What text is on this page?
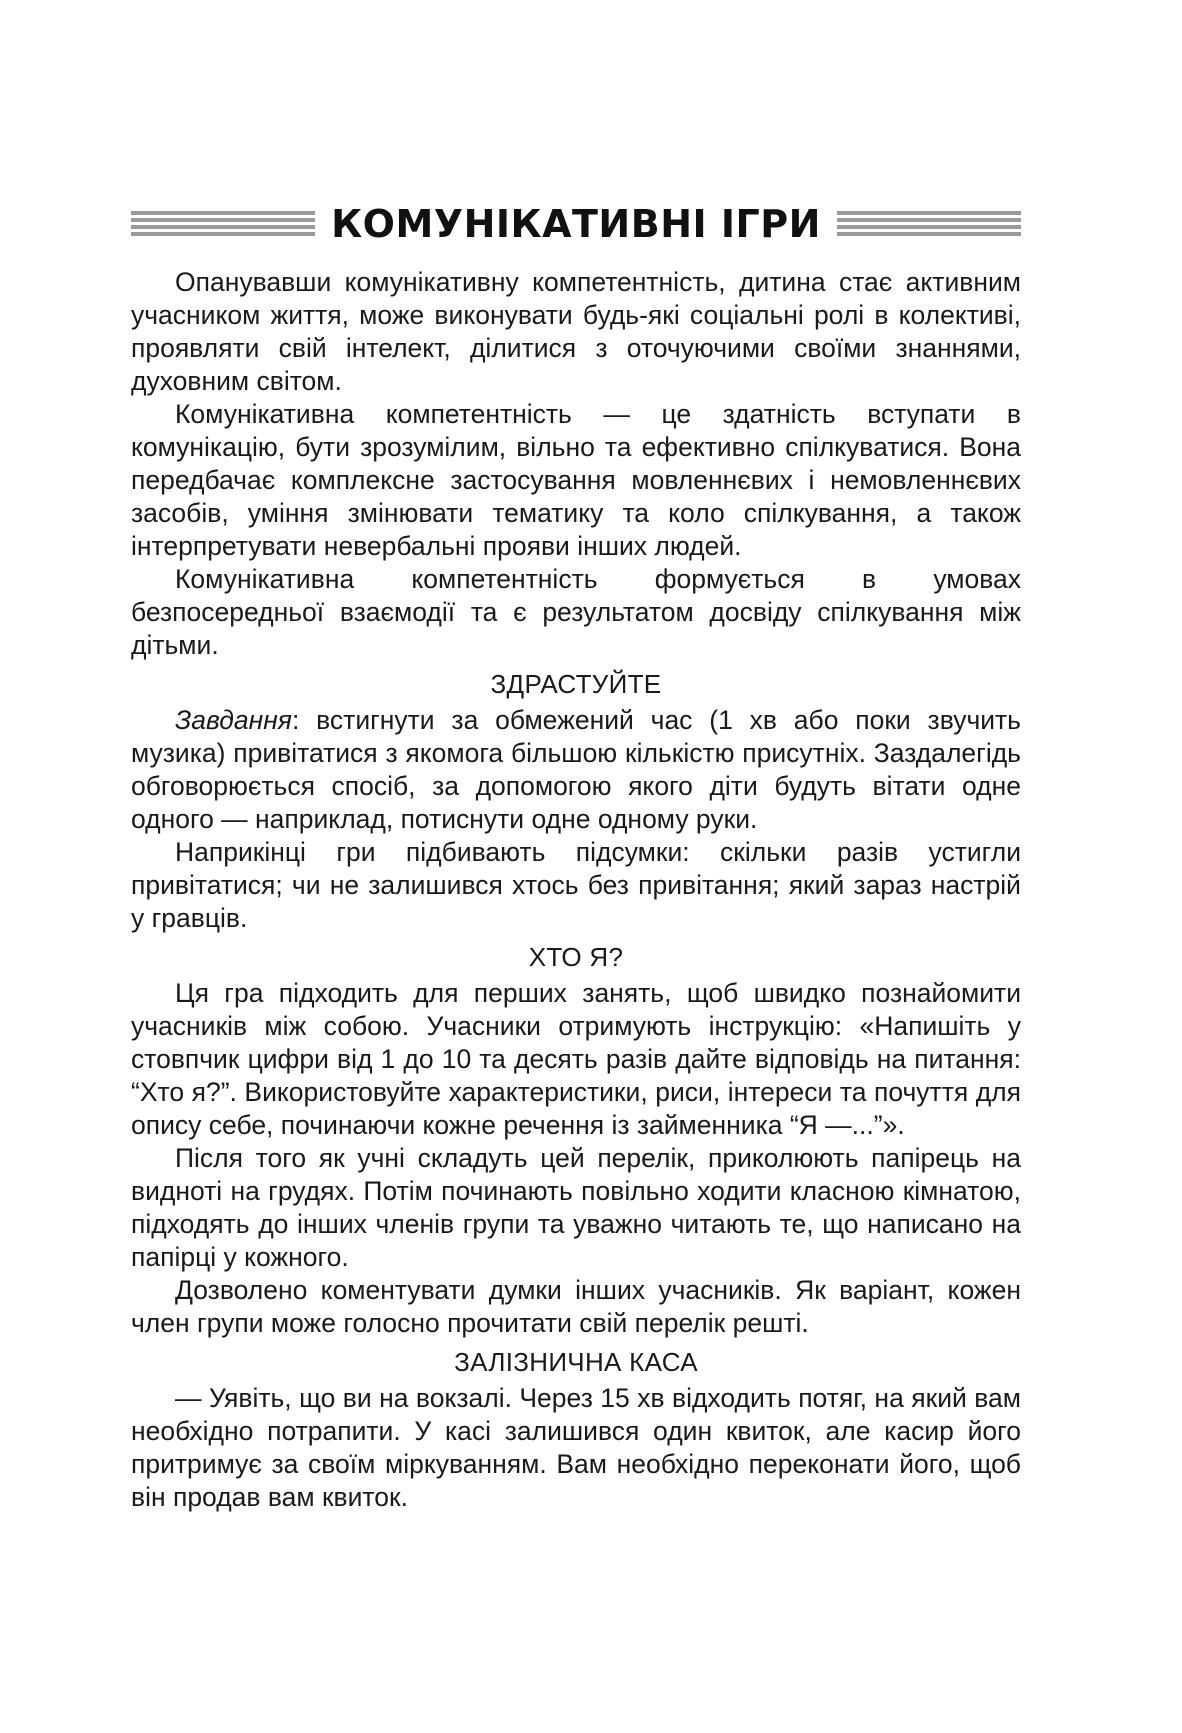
КОМУНІКАТИВНІ ІГРИ

Опанувавши комунікативну компетентність, дитина стає активним учасником життя, може виконувати будь-які соціальні ролі в колективі, проявляти свій інтелект, ділитися з оточуючими своїми знаннями, духовним світом.

Комунікативна компетентність — це здатність вступати в комунікацію, бути зрозумілим, вільно та ефективно спілкуватися. Вона передбачає комплексне застосування мовленнєвих і немовленнєвих засобів, уміння змінювати тематику та коло спілкування, а також інтерпретувати невербальні прояви інших людей.

Комунікативна компетентність формується в умовах безпосередньої взаємодії та є результатом досвіду спілкування між дітьми.

ЗДРАСТУЙТЕ

Завдання: встигнути за обмежений час (1 хв або поки звучить музика) привітатися з якомога більшою кількістю присутніх. Заздалегідь обговорюється спосіб, за допомогою якого діти будуть вітати одне одного — наприклад, потиснути одне одному руки.

Наприкінці гри підбивають підсумки: скільки разів устигли привітатися; чи не залишився хтось без привітання; який зараз настрій у гравців.

ХТО Я?

Ця гра підходить для перших занять, щоб швидко познайомити учасників між собою. Учасники отримують інструкцію: «Напишіть у стовпчик цифри від 1 до 10 та десять разів дайте відповідь на питання: “Хто я?”. Використовуйте характеристики, риси, інтереси та почуття для опису себе, починаючи кожне речення із займенника “Я —...”».

Після того як учні складуть цей перелік, приколюють папірець на видноті на грудях. Потім починають повільно ходити класною кімнатою, підходять до інших членів групи та уважно читають те, що написано на папірці у кожного.

Дозволено коментувати думки інших учасників. Як варіант, кожен член групи може голосно прочитати свій перелік решті.

ЗАЛІЗНИЧНА КАСА

— Уявіть, що ви на вокзалі. Через 15 хв відходить потяг, на який вам необхідно потрапити. У касі залишився один квиток, але касир його притримує за своїм міркуванням. Вам необхідно переконати його, щоб він продав вам квиток.
